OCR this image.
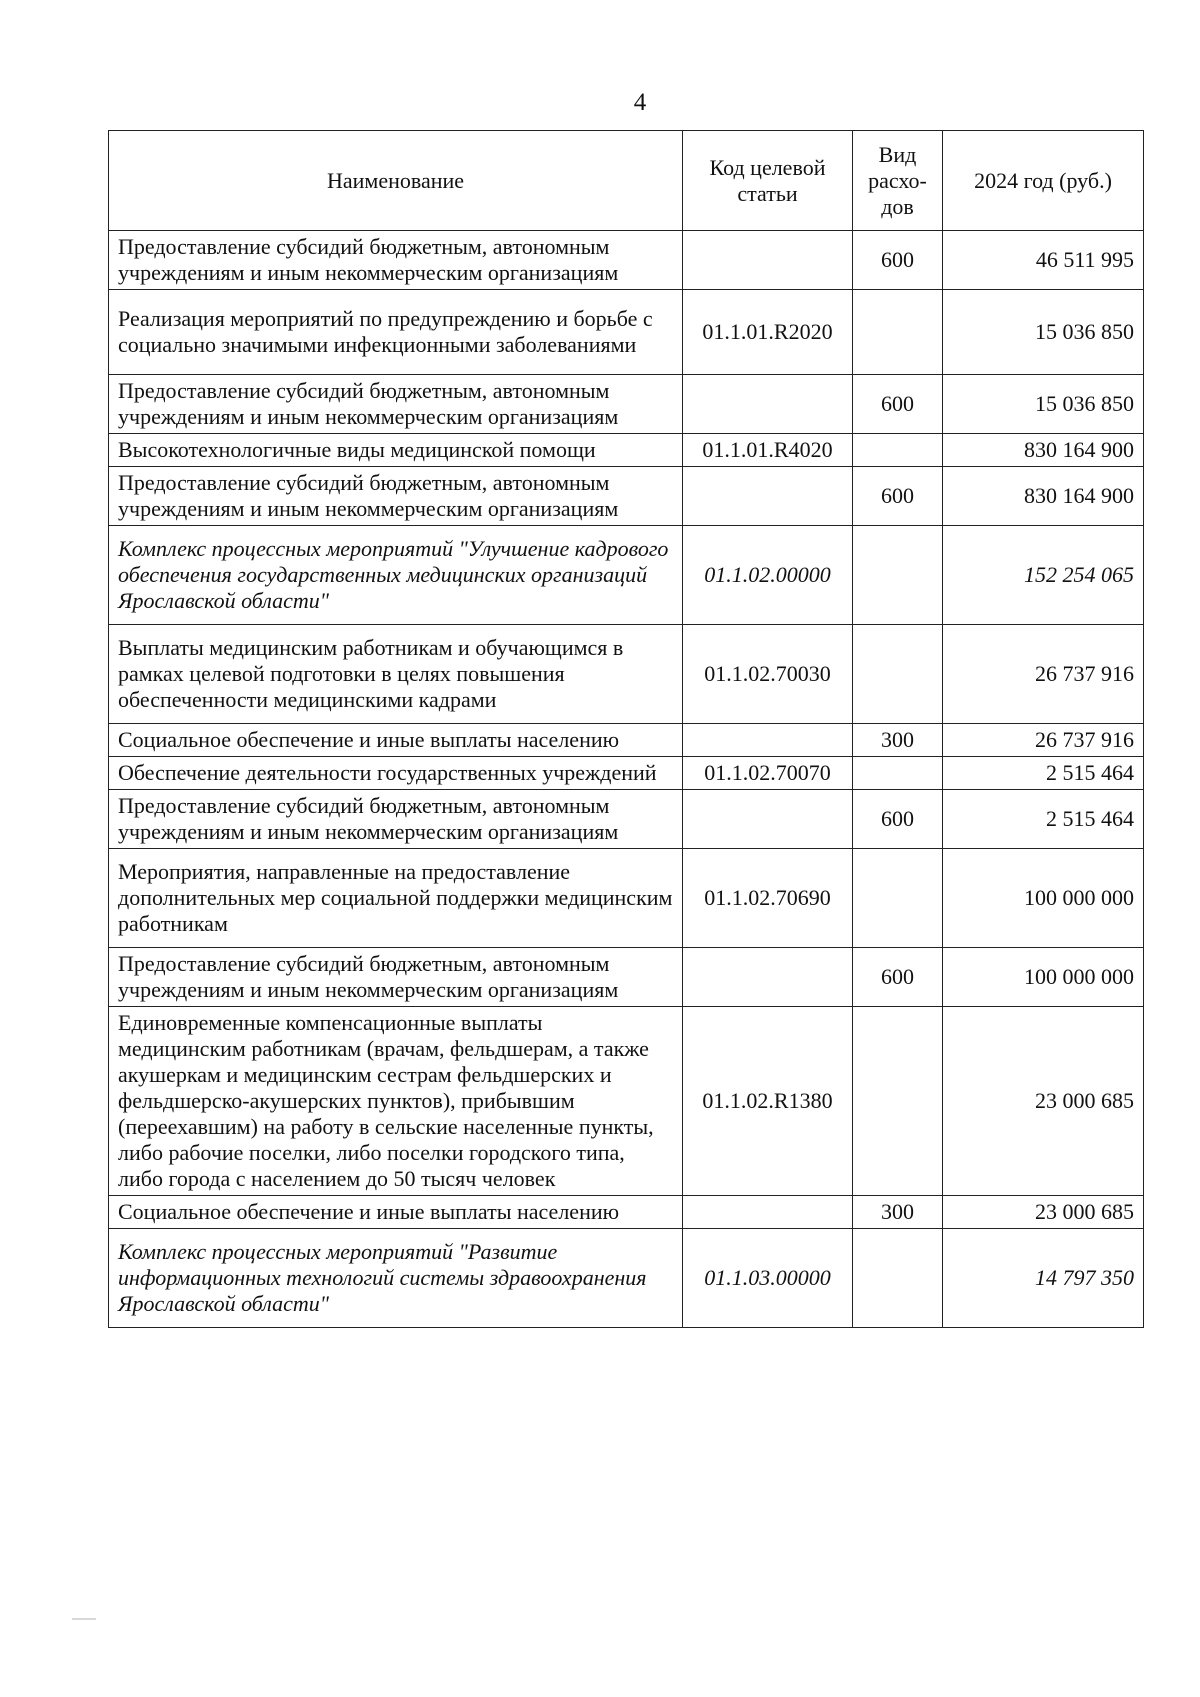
4
Наименование	Код целевой статьи	Вид расхо-дов	2024 год (руб.)
Предоставление субсидий бюджетным, автономным учреждениям и иным некоммерческим организациям		600	46 511 995
Реализация мероприятий по предупреждению и борьбе с социально значимыми инфекционными заболеваниями	01.1.01.R2020		15 036 850
Предоставление субсидий бюджетным, автономным учреждениям и иным некоммерческим организациям		600	15 036 850
Высокотехнологичные виды медицинской помощи	01.1.01.R4020		830 164 900
Предоставление субсидий бюджетным, автономным учреждениям и иным некоммерческим организациям		600	830 164 900
Комплекс процессных мероприятий "Улучшение кадрового обеспечения государственных медицинских организаций Ярославской области"	01.1.02.00000		152 254 065
Выплаты медицинским работникам и обучающимся в рамках целевой подготовки в целях повышения обеспеченности медицинскими кадрами	01.1.02.70030		26 737 916
Социальное обеспечение и иные выплаты населению		300	26 737 916
Обеспечение деятельности государственных учреждений	01.1.02.70070		2 515 464
Предоставление субсидий бюджетным, автономным учреждениям и иным некоммерческим организациям		600	2 515 464
Мероприятия, направленные на предоставление дополнительных мер социальной поддержки медицинским работникам	01.1.02.70690		100 000 000
Предоставление субсидий бюджетным, автономным учреждениям и иным некоммерческим организациям		600	100 000 000
Единовременные компенсационные выплаты медицинским работникам (врачам, фельдшерам, а также акушеркам и медицинским сестрам фельдшерских и фельдшерско-акушерских пунктов), прибывшим (переехавшим) на работу в сельские населенные пункты, либо рабочие поселки, либо поселки городского типа, либо города с населением до 50 тысяч человек	01.1.02.R1380		23 000 685
Социальное обеспечение и иные выплаты населению		300	23 000 685
Комплекс процессных мероприятий "Развитие информационных технологий системы здравоохранения Ярославской области"	01.1.03.00000		14 797 350
